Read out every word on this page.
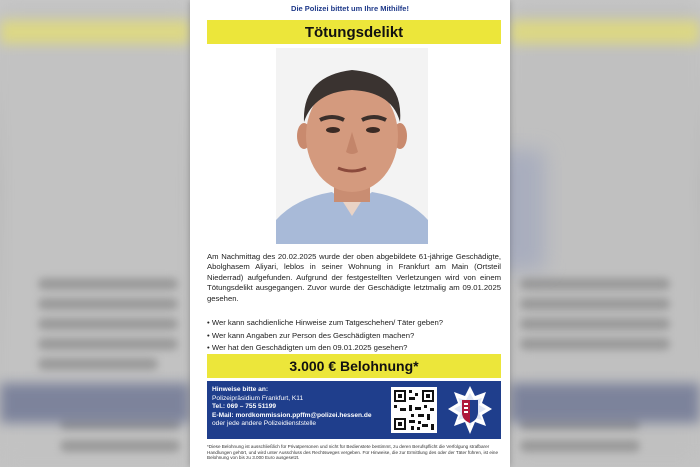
Die Polizei bittet um Ihre Mithilfe!
Tötungsdelikt
Am Nachmittag des 20.02.2025 wurde der oben abgebildete 61-jährige Geschädigte, Abolghasem Aliyari, leblos in seiner Wohnung in Frankfurt am Main (Ortsteil Niederrad) aufgefunden. Aufgrund der festgestellten Verletzungen wird von einem Tötungsdelikt ausgegangen. Zuvor wurde der Geschädigte letztmalig am 09.01.2025 gesehen.
• Wer kann sachdienliche Hinweise zum Tatgeschehen/ Täter geben?
• Wer kann Angaben zur Person des Geschädigten machen?
• Wer hat den Geschädigten um den 09.01.2025 gesehen?
3.000 € Belohnung*
Hinweise bitte an:
Polizeipräsidium Frankfurt, K11
Tel.: 069 – 755 51199
E-Mail: mordkommission.ppffm@polizei.hessen.de
oder jede andere Polizeidienststelle
*Diese Belohnung ist ausschließlich für Privatpersonen und nicht für Bedienstete bestimmt, zu deren Berufspflicht die Verfolgung strafbarer Handlungen gehört, und wird unter Ausschluss des Rechtsweges vergeben. Für Hinweise, die zur Ermittlung des oder der Täter führen, ist eine Belohnung von bis zu 3.000 Euro ausgesetzt.
